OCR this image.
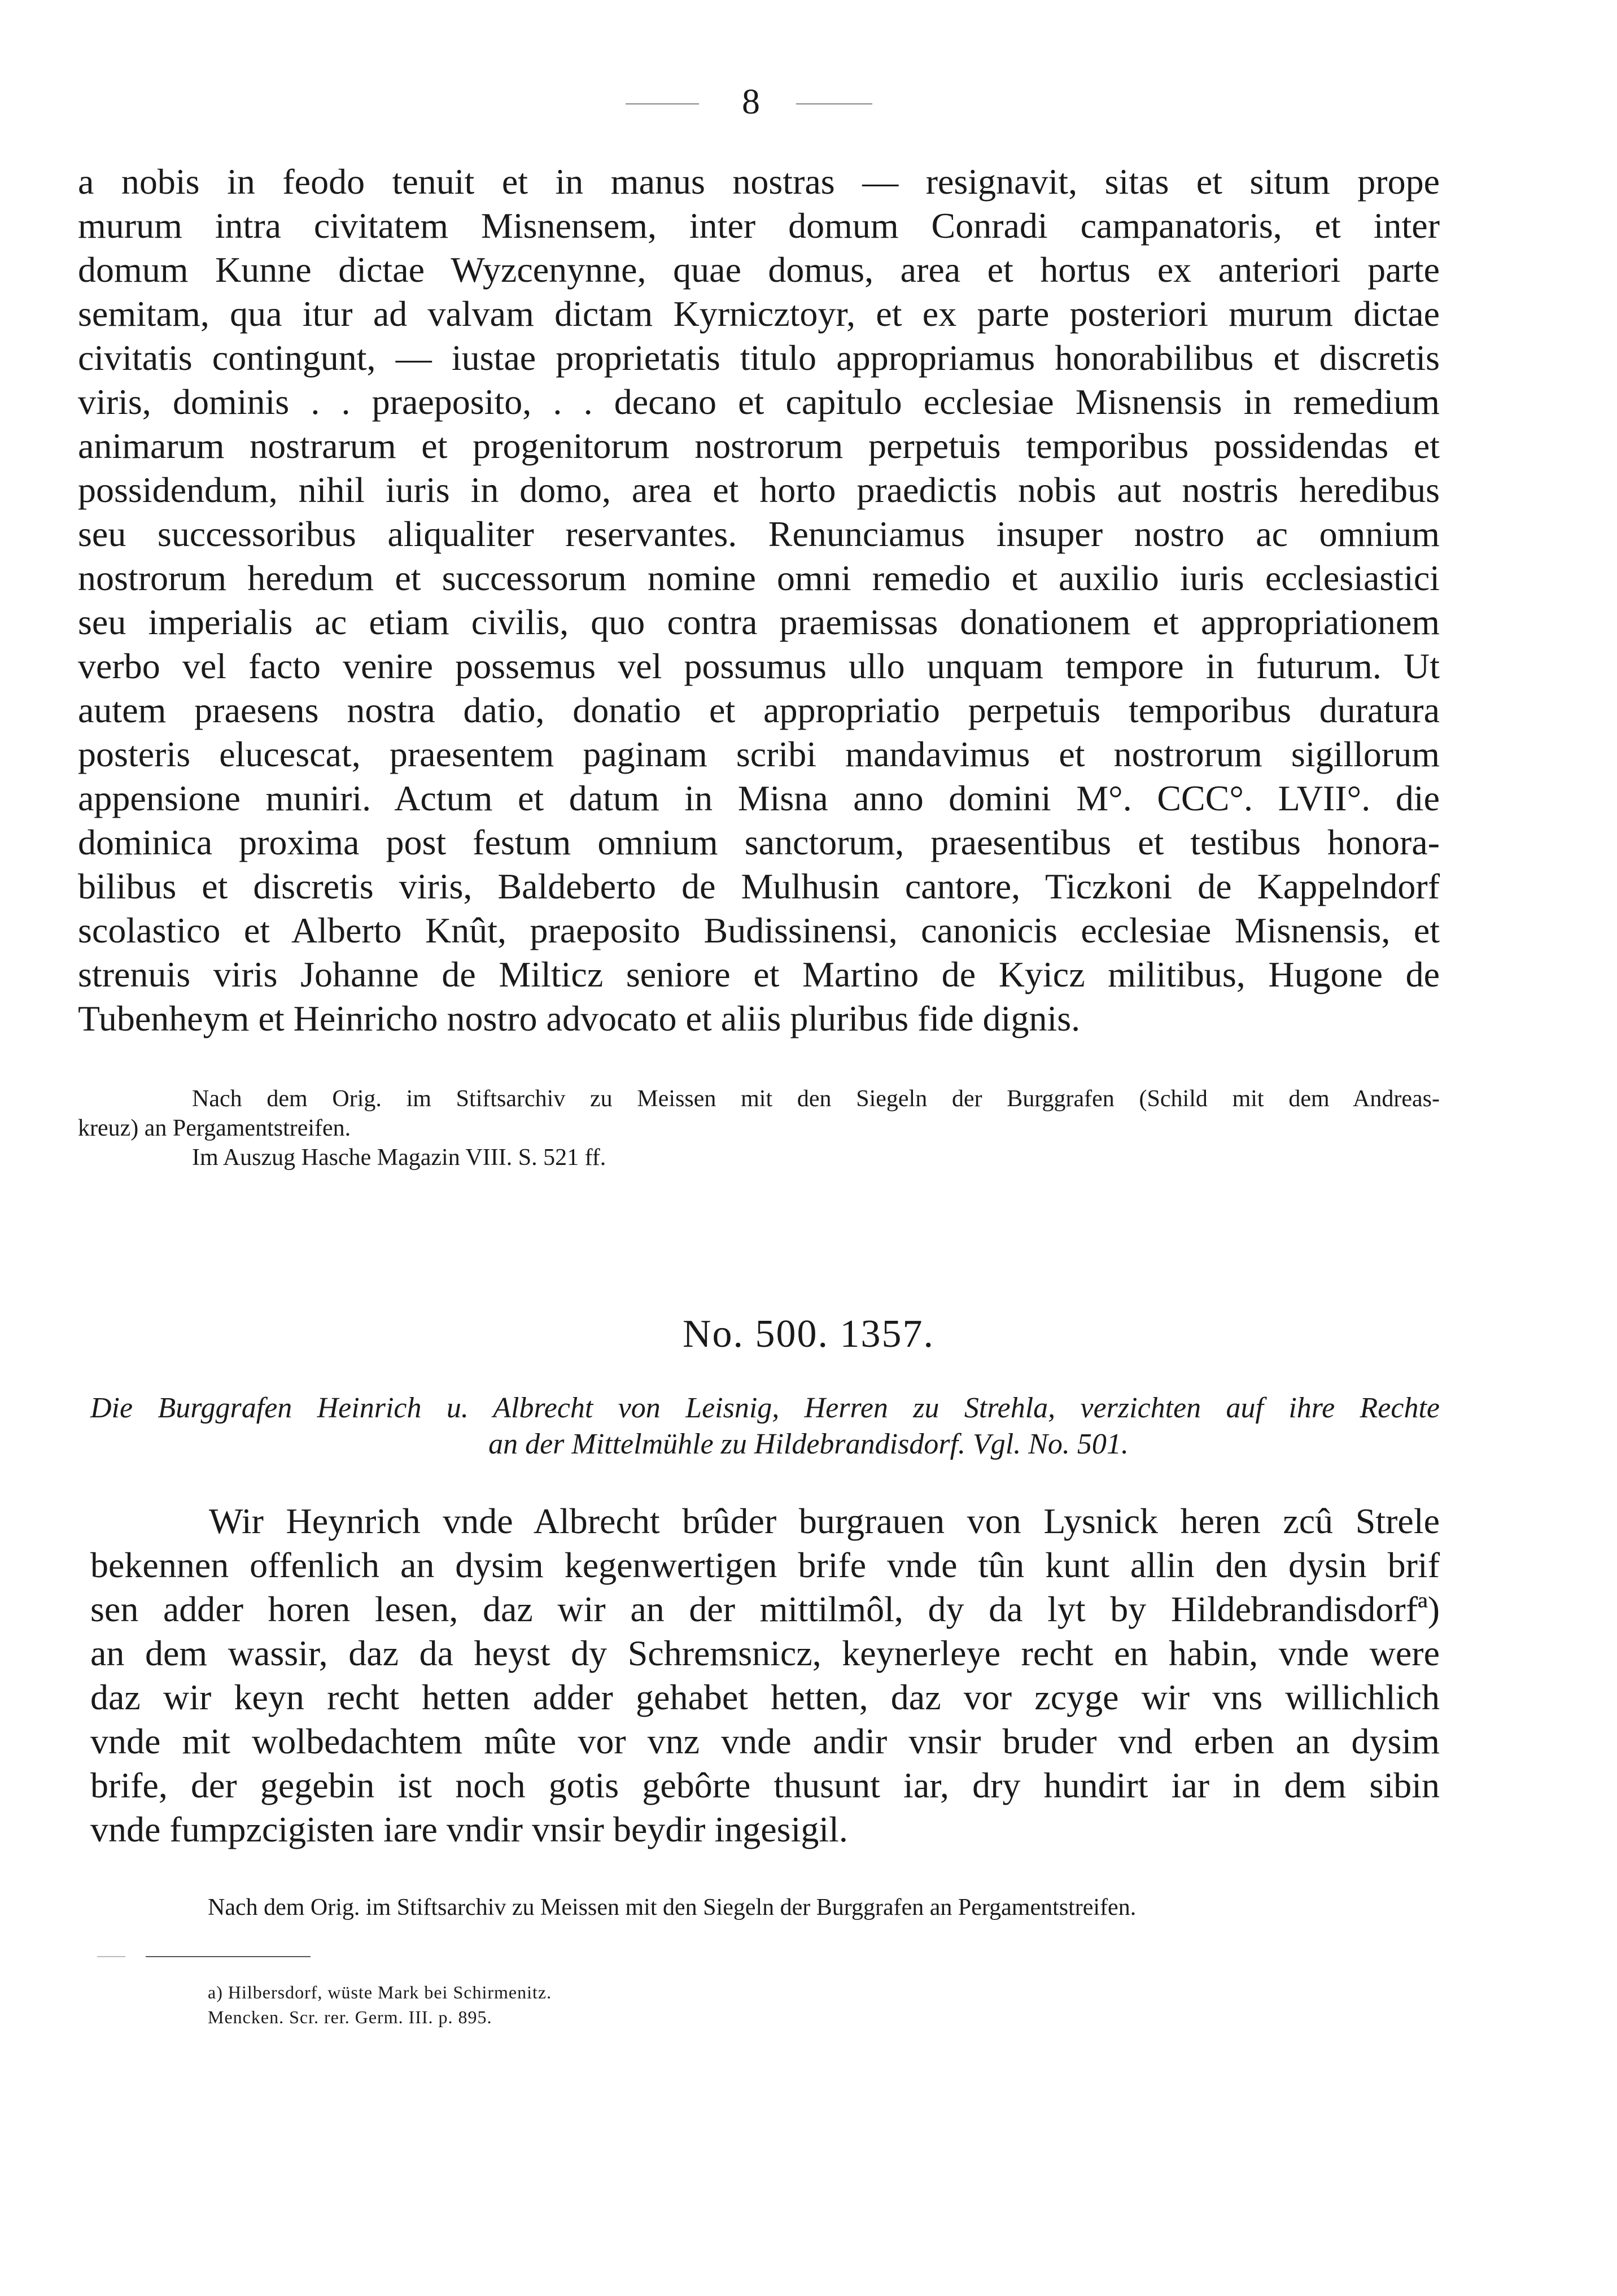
8
a nobis in feodo tenuit et in manus nostras — resignavit, sitas et situm prope
murum intra civitatem Misnensem, inter domum Conradi campanatoris, et inter
domum Kunne dictae Wyzcenynne, quae domus, area et hortus ex anteriori parte
semitam, qua itur ad valvam dictam Kyrniсztoyr, et ex parte posteriori murum dictae
civitatis contingunt, — iustae proprietatis titulo appropriamus honorabilibus et discretis
viris, dominis . . praeposito, . . decano et capitulo ecclesiae Misnensis in remedium
animarum nostrarum et progenitorum nostrorum perpetuis temporibus possidendas et
possidendum, nihil iuris in domo, area et horto praedictis nobis aut nostris heredibus
seu successoribus aliqualiter reservantes. Renunciamus insuper nostro ac omnium
nostrorum heredum et successorum nomine omni remedio et auxilio iuris ecclesiastici
seu imperialis ac etiam civilis, quo contra praemissas donationem et appropriationem
verbo vel facto venire possemus vel possumus ullo unquam tempore in futurum. Ut
autem praesens nostra datio, donatio et appropriatio perpetuis temporibus duratura
posteris elucescat, praesentem paginam scribi mandavimus et nostrorum sigillorum
appensione muniri. Actum et datum in Misna anno domini M°. CCC°. LVII°. die
dominica proxima post festum omnium sanctorum, praesentibus et testibus honora-
bilibus et discretis viris, Baldeberto de Mulhusin cantore, Ticzkoni de Kappelndorf
scolastico et Alberto Knût, praeposito Budissinensi, canonicis ecclesiae Misnensis, et
strenuis viris Johanne de Milticz seniore et Martino de Kyicz militibus, Hugone de
Tubenheym et Heinricho nostro advocato et aliis pluribus fide dignis.
Nach dem Orig. im Stiftsarchiv zu Meissen mit den Siegeln der Burggrafen (Schild mit dem Andreas-
kreuz) an Pergamentstreifen.
Im Auszug Hasche Magazin VIII. S. 521 ff.
No. 500. 1357.
Die Burggrafen Heinrich u. Albrecht von Leisnig, Herren zu Strehla, verzichten auf ihre Rechte
an der Mittelmühle zu Hildebrandisdorf. Vgl. No. 501.
Wir Heynrich vnde Albrecht brûder burgrauen von Lysnick heren zcû Strele
bekennen offenlich an dysim kegenwertigen brife vnde tûn kunt allin den dysin brif
sen adder horen lesen, daz wir an der mittilmôl, dy da lyt by Hildebrandisdorfª)
an dem wassir, daz da heyst dy Schremsnicz, keynerleye recht en habin, vnde were
daz wir keyn recht hetten adder gehabet hetten, daz vor zcyge wir vns willichlich
vnde mit wolbedachtem mûte vor vnz vnde andir vnsir bruder vnd erben an dysim
brife, der gegebin ist noch gotis gebôrte thusunt iar, dry hundirt iar in dem sibin
vnde fumpzcigisten iare vndir vnsir beydir ingesigil.
Nach dem Orig. im Stiftsarchiv zu Meissen mit den Siegeln der Burggrafen an Pergamentstreifen.
a) Hilbersdorf, wüste Mark bei Schirmenitz.
Mencken. Scr. rer. Germ. III. p. 895.
